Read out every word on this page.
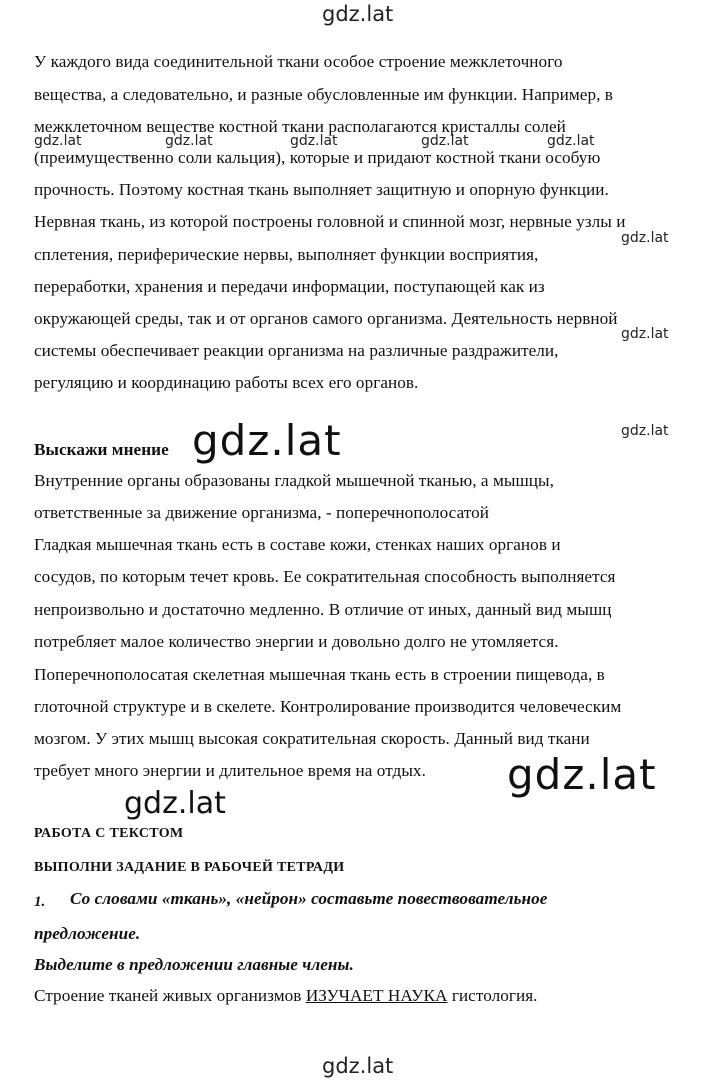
gdz.lat
gdz.lat	gdz.lat	gdz.lat	gdz.lat	gdz.lat
gdz.lat
gdz.lat
gdz.lat
gdz.lat
gdz.lat
gdz.lat
gdz.lat
У каждого вида соединительной ткани особое строение межклеточного
вещества, а следовательно, и разные обусловленные им функции. Например, в
межклеточном веществе костной ткани располагаются кристаллы солей
(преимущественно соли кальция), которые и придают костной ткани особую
прочность. Поэтому костная ткань выполняет защитную и опорную функции.
Нервная ткань, из которой построены головной и спинной мозг, нервные узлы и
сплетения, периферические нервы, выполняет функции восприятия,
переработки, хранения и передачи информации, поступающей как из
окружающей среды, так и от органов самого организма. Деятельность нервной
системы обеспечивает реакции организма на различные раздражители,
регуляцию и координацию работы всех его органов.
Выскажи мнение
Внутренние органы образованы гладкой мышечной тканью, а мышцы,
ответственные за движение организма, - поперечнополосатой
Гладкая мышечная ткань есть в составе кожи, стенках наших органов и
сосудов, по которым течет кровь. Ее сократительная способность выполняется
непроизвольно и достаточно медленно. В отличие от иных, данный вид мышц
потребляет малое количество энергии и довольно долго не утомляется.
Поперечнополосатая скелетная мышечная ткань есть в строении пищевода, в
глоточной структуре и в скелете. Контролирование производится человеческим
мозгом. У этих мышц высокая сократительная скорость. Данный вид ткани
требует много энергии и длительное время на отдых.
РАБОТА С ТЕКСТОМ
ВЫПОЛНИ ЗАДАНИЕ В РАБОЧЕЙ ТЕТРАДИ
1. Со словами «ткань», «нейрон» составьте повествовательное
предложение.
Выделите в предложении главные члены.
Строение тканей живых организмов ИЗУЧАЕТ НАУКА гистология.
